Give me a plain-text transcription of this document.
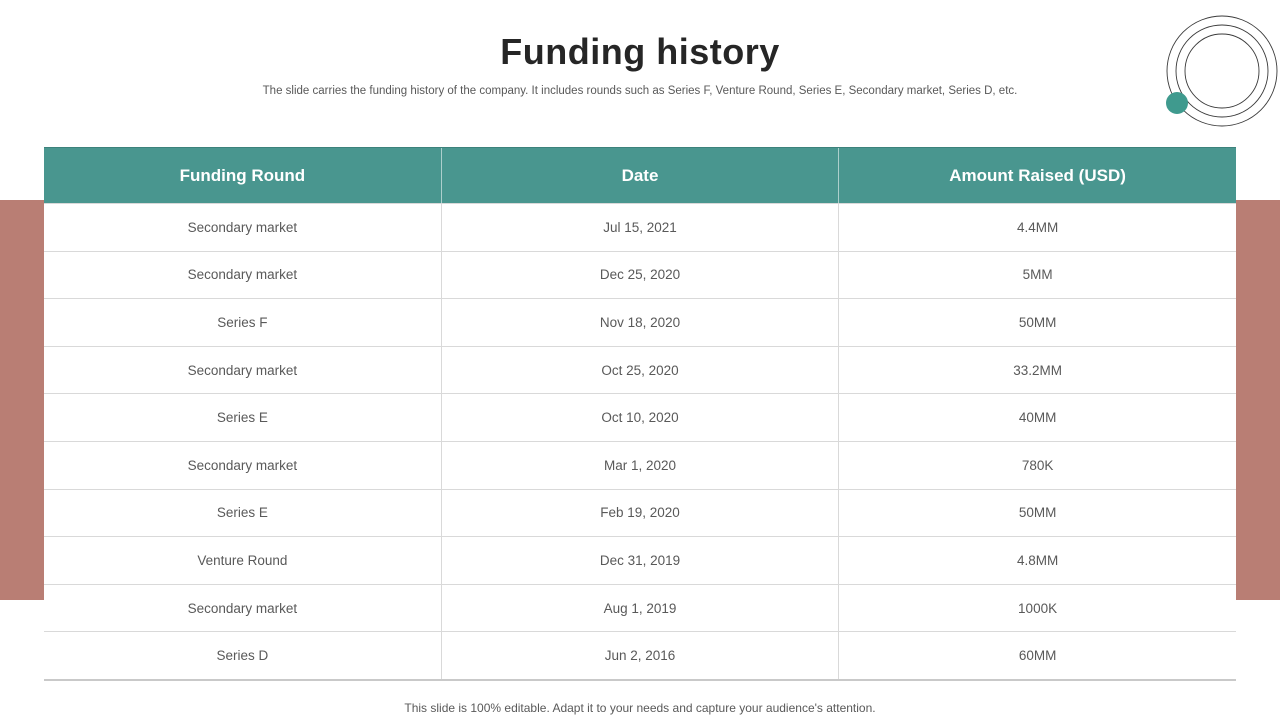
Funding history
The slide carries the funding history of the company. It includes rounds such as Series F, Venture Round, Series E, Secondary market, Series D, etc.
Funding Round	Date	Amount Raised (USD)
Secondary market	Jul 15, 2021	4.4MM
Secondary market	Dec 25, 2020	5MM
Series F	Nov 18, 2020	50MM
Secondary market	Oct 25, 2020	33.2MM
Series E	Oct 10, 2020	40MM
Secondary market	Mar 1, 2020	780K
Series E	Feb 19, 2020	50MM
Venture Round	Dec 31, 2019	4.8MM
Secondary market	Aug 1, 2019	1000K
Series D	Jun 2, 2016	60MM
This slide is 100% editable. Adapt it to your needs and capture your audience's attention.
